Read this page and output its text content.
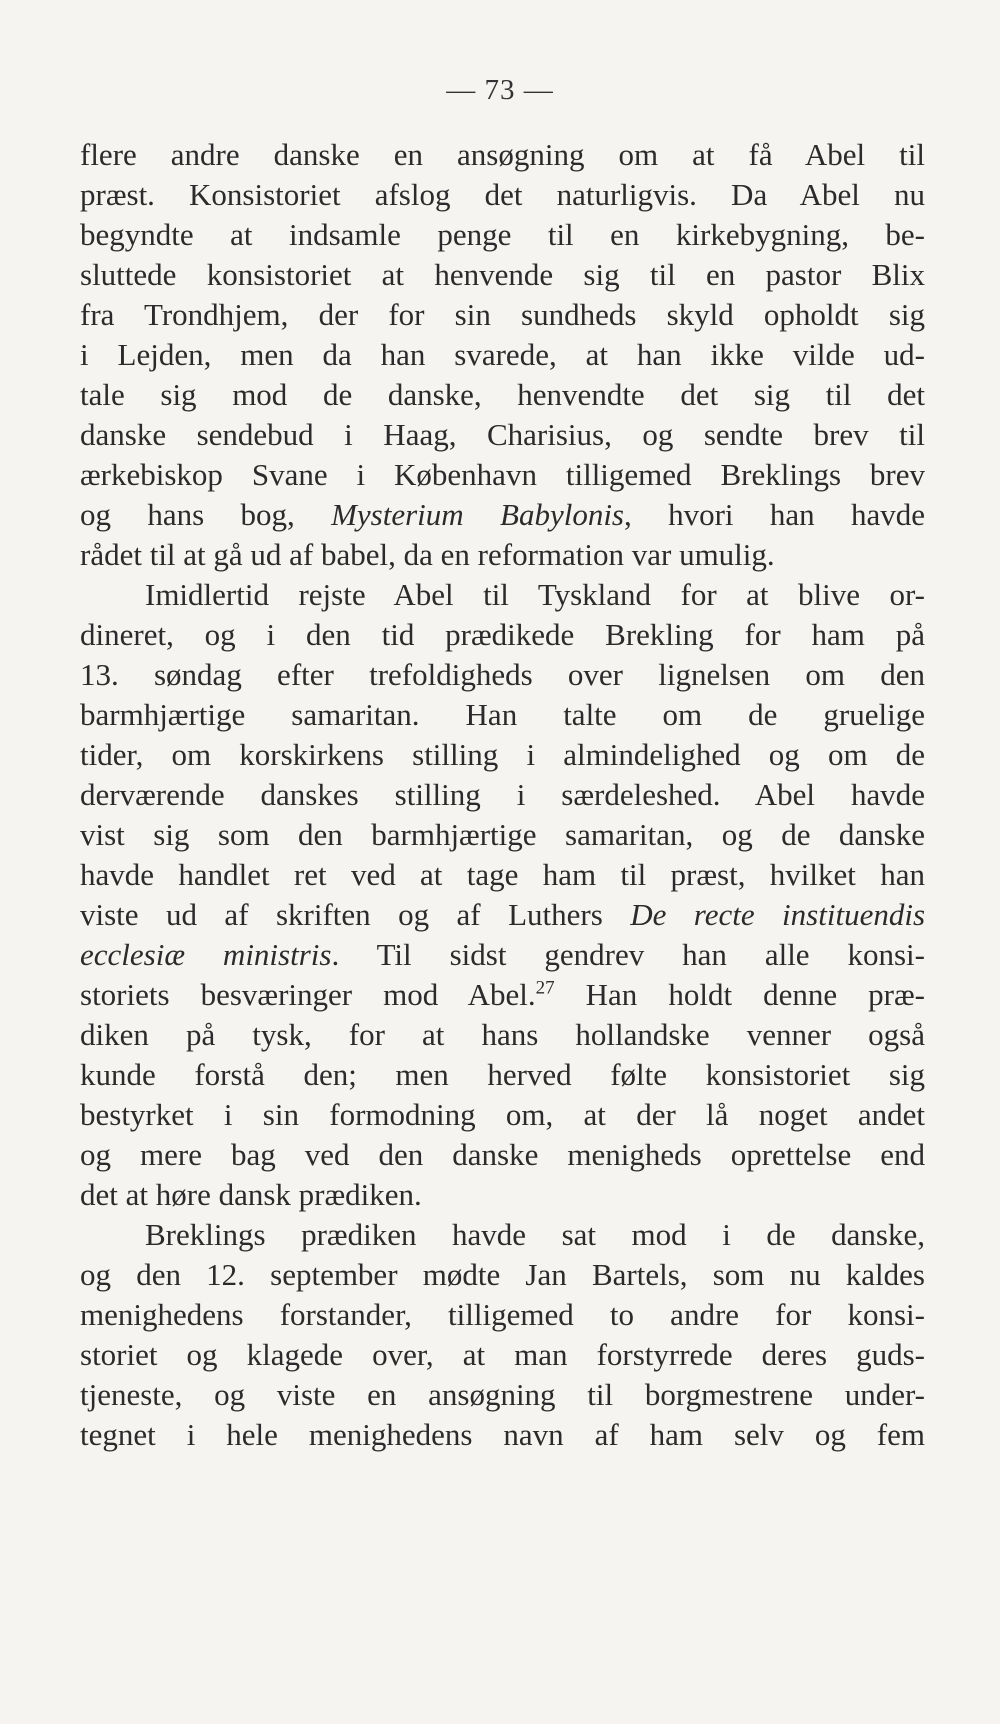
— 73 —
flere andre danske en ansøgning om at få Abel til
præst. Konsistoriet afslog det naturligvis. Da Abel nu
begyndte at indsamle penge til en kirkebygning, be-
sluttede konsistoriet at henvende sig til en pastor Blix
fra Trondhjem, der for sin sundheds skyld opholdt sig
i Lejden, men da han svarede, at han ikke vilde ud-
tale sig mod de danske, henvendte det sig til det
danske sendebud i Haag, Charisius, og sendte brev til
ærkebiskop Svane i København tilligemed Breklings brev
og hans bog, Mysterium Babylonis, hvori han havde
rådet til at gå ud af babel, da en reformation var umulig.
Imidlertid rejste Abel til Tyskland for at blive or-
dineret, og i den tid prædikede Brekling for ham på
13. søndag efter trefoldigheds over lignelsen om den
barmhjærtige samaritan. Han talte om de gruelige
tider, om korskirkens stilling i almindelighed og om de
derværende danskes stilling i særdeleshed. Abel havde
vist sig som den barmhjærtige samaritan, og de danske
havde handlet ret ved at tage ham til præst, hvilket han
viste ud af skriften og af Luthers De recte instituendis
ecclesiæ ministris. Til sidst gendrev han alle konsi-
storiets besværinger mod Abel.$^{27}$ Han holdt denne præ-
diken på tysk, for at hans hollandske venner også
kunde forstå den; men herved følte konsistoriet sig
bestyrket i sin formodning om, at der lå noget andet
og mere bag ved den danske menigheds oprettelse end
det at høre dansk prædiken.
Breklings prædiken havde sat mod i de danske,
og den 12. september mødte Jan Bartels, som nu kaldes
menighedens forstander, tilligemed to andre for konsi-
storiet og klagede over, at man forstyrrede deres guds-
tjeneste, og viste en ansøgning til borgmestrene under-
tegnet i hele menighedens navn af ham selv og fem
